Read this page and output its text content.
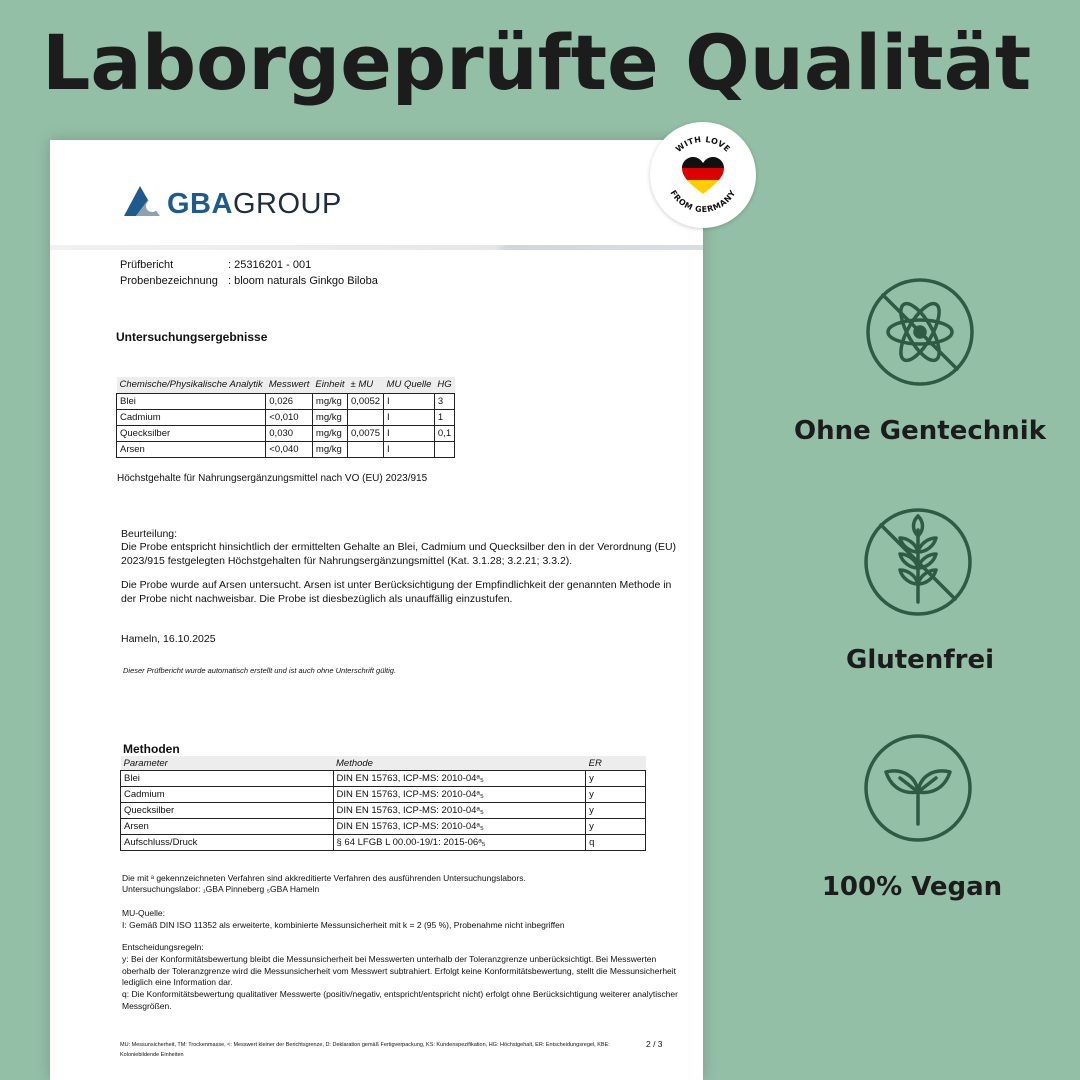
Laborgeprüfte Qualität
GBAGROUP
Prüfbericht	: 25316201 - 001
Probenbezeichnung : bloom naturals Ginkgo Biloba
Untersuchungsergebnisse
Chemische/Physikalische Analytik	Messwert	Einheit	± MU	MU Quelle	HG
Blei	0,026	mg/kg	0,0052	I	3
Cadmium	<0,010	mg/kg		I	1
Quecksilber	0,030	mg/kg	0,0075	I	0,1
Arsen	<0,040	mg/kg		I	
Höchstgehalte für Nahrungsergänzungsmittel nach VO (EU) 2023/915
Beurteilung:
Die Probe entspricht hinsichtlich der ermittelten Gehalte an Blei, Cadmium und Quecksilber den in der Verordnung (EU) 2023/915 festgelegten Höchstgehalten für Nahrungsergänzungsmittel (Kat. 3.1.28; 3.2.21; 3.3.2).
Die Probe wurde auf Arsen untersucht. Arsen ist unter Berücksichtigung der Empfindlichkeit der genannten Methode in der Probe nicht nachweisbar. Die Probe ist diesbezüglich als unauffällig einzustufen.
Hameln, 16.10.2025
Dieser Prüfbericht wurde automatisch erstellt und ist auch ohne Unterschrift gültig.
Methoden
Parameter	Methode	ER
Blei	DIN EN 15763, ICP-MS: 2010-04ᵃ₅	y
Cadmium	DIN EN 15763, ICP-MS: 2010-04ᵃ₅	y
Quecksilber	DIN EN 15763, ICP-MS: 2010-04ᵃ₅	y
Arsen	DIN EN 15763, ICP-MS: 2010-04ᵃ₅	y
Aufschluss/Druck	§ 64 LFGB L 00.00-19/1: 2015-06ᵃ₅	q
Die mit ᵃ gekennzeichneten Verfahren sind akkreditierte Verfahren des ausführenden Untersuchungslabors.
Untersuchungslabor: ₁GBA Pinneberg ₅GBA Hameln
MU-Quelle:
I: Gemäß DIN ISO 11352 als erweiterte, kombinierte Messunsicherheit mit k = 2 (95 %), Probenahme nicht inbegriffen
Entscheidungsregeln:
y: Bei der Konformitätsbewertung bleibt die Messunsicherheit bei Messwerten unterhalb der Toleranzgrenze unberücksichtigt. Bei Messwerten oberhalb der Toleranzgrenze wird die Messunsicherheit vom Messwert subtrahiert. Erfolgt keine Konformitätsbewertung, stellt die Messunsicherheit lediglich eine Information dar.
q: Die Konformitätsbewertung qualitativer Messwerte (positiv/negativ, entspricht/entspricht nicht) erfolgt ohne Berücksichtigung weiterer analytischer Messgrößen.
MU: Messunsicherheit, TM: Trockenmasse, <: Messwert kleiner der Berichtsgrenze, D: Deklaration gemäß Fertigverpackung, KS: Kundenspezifikation, HG: Höchstgehalt, ER: Entscheidungsregel, KBE: Koloniebildende Einheiten
2 / 3
WITH LOVE
FROM GERMANY
Ohne Gentechnik
Glutenfrei
100% Vegan
